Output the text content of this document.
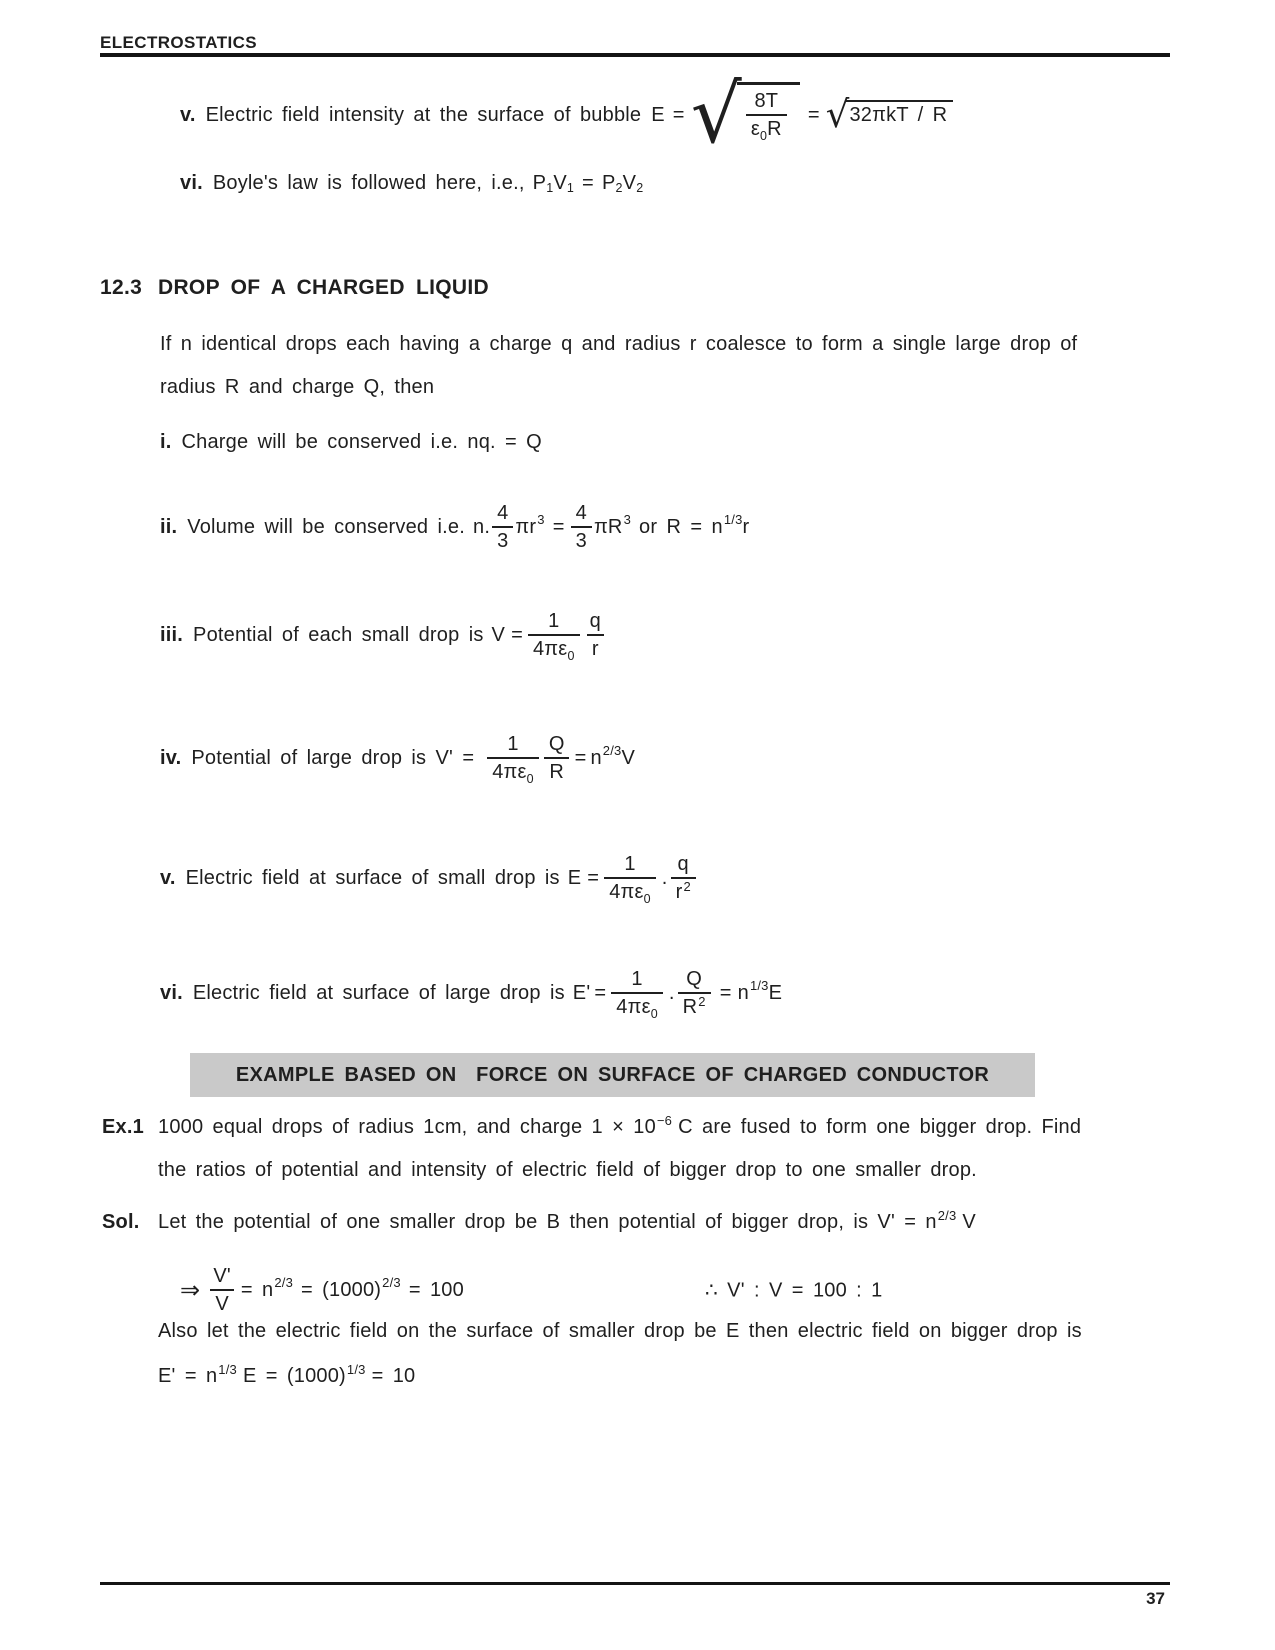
ELECTROSTATICS
v. Electric field intensity at the surface of bubble E = √ $\frac{8T}{\varepsilon_0R}$ = √ 32πkT / R
vi. Boyle's law is followed here, i.e., P 1 V 1 = P 2 V 2
12.3 DROP OF A CHARGED LIQUID
If n identical drops each having a charge q and radius r coalesce to form a single large drop of
radius R and charge Q, then
i. Charge will be conserved i.e. nq. = Q
ii. Volume will be conserved i.e. n. $\frac{4}{3}$ πr $3 = \frac{4}{3}$ πR 3 or R = n 1/3 r
iii. Potential of each small drop is $V = \frac{1}{4\pi\varepsilon_0} \frac{q}{r}$
iv. Potential of large drop is $V' = \frac{1}{4\pi\varepsilon_0} \frac{Q}{R} = n$ 2/3 V
v. Electric field at surface of small drop is $E = \frac{1}{4\pi\varepsilon_0}$ . $\frac{q}{r^2}$
vi. Electric field at surface of large drop is $E' = \frac{1}{4\pi\varepsilon_0}$ . $\frac{Q}{R^2} = n$ 1/3 E
EXAMPLE BASED ON  FORCE ON SURFACE OF CHARGED CONDUCTOR
Ex.1 1000 equal drops of radius 1cm, and charge 1 × 10 −6 C are fused to form one bigger drop. Find
the ratios of potential and intensity of electric field of bigger drop to one smaller drop.
Sol. Let the potential of one smaller drop be B then potential of bigger drop, is V' = n 2/3 V
⇒ $\frac{V'}{V} = n$ 2/3 = (1000) 2/3 = 100	∴ V' : V = 100 : 1
Also let the electric field on the surface of smaller drop be E then electric field on bigger drop is
E' = n 1/3 E = (1000) 1/3 = 10
37
